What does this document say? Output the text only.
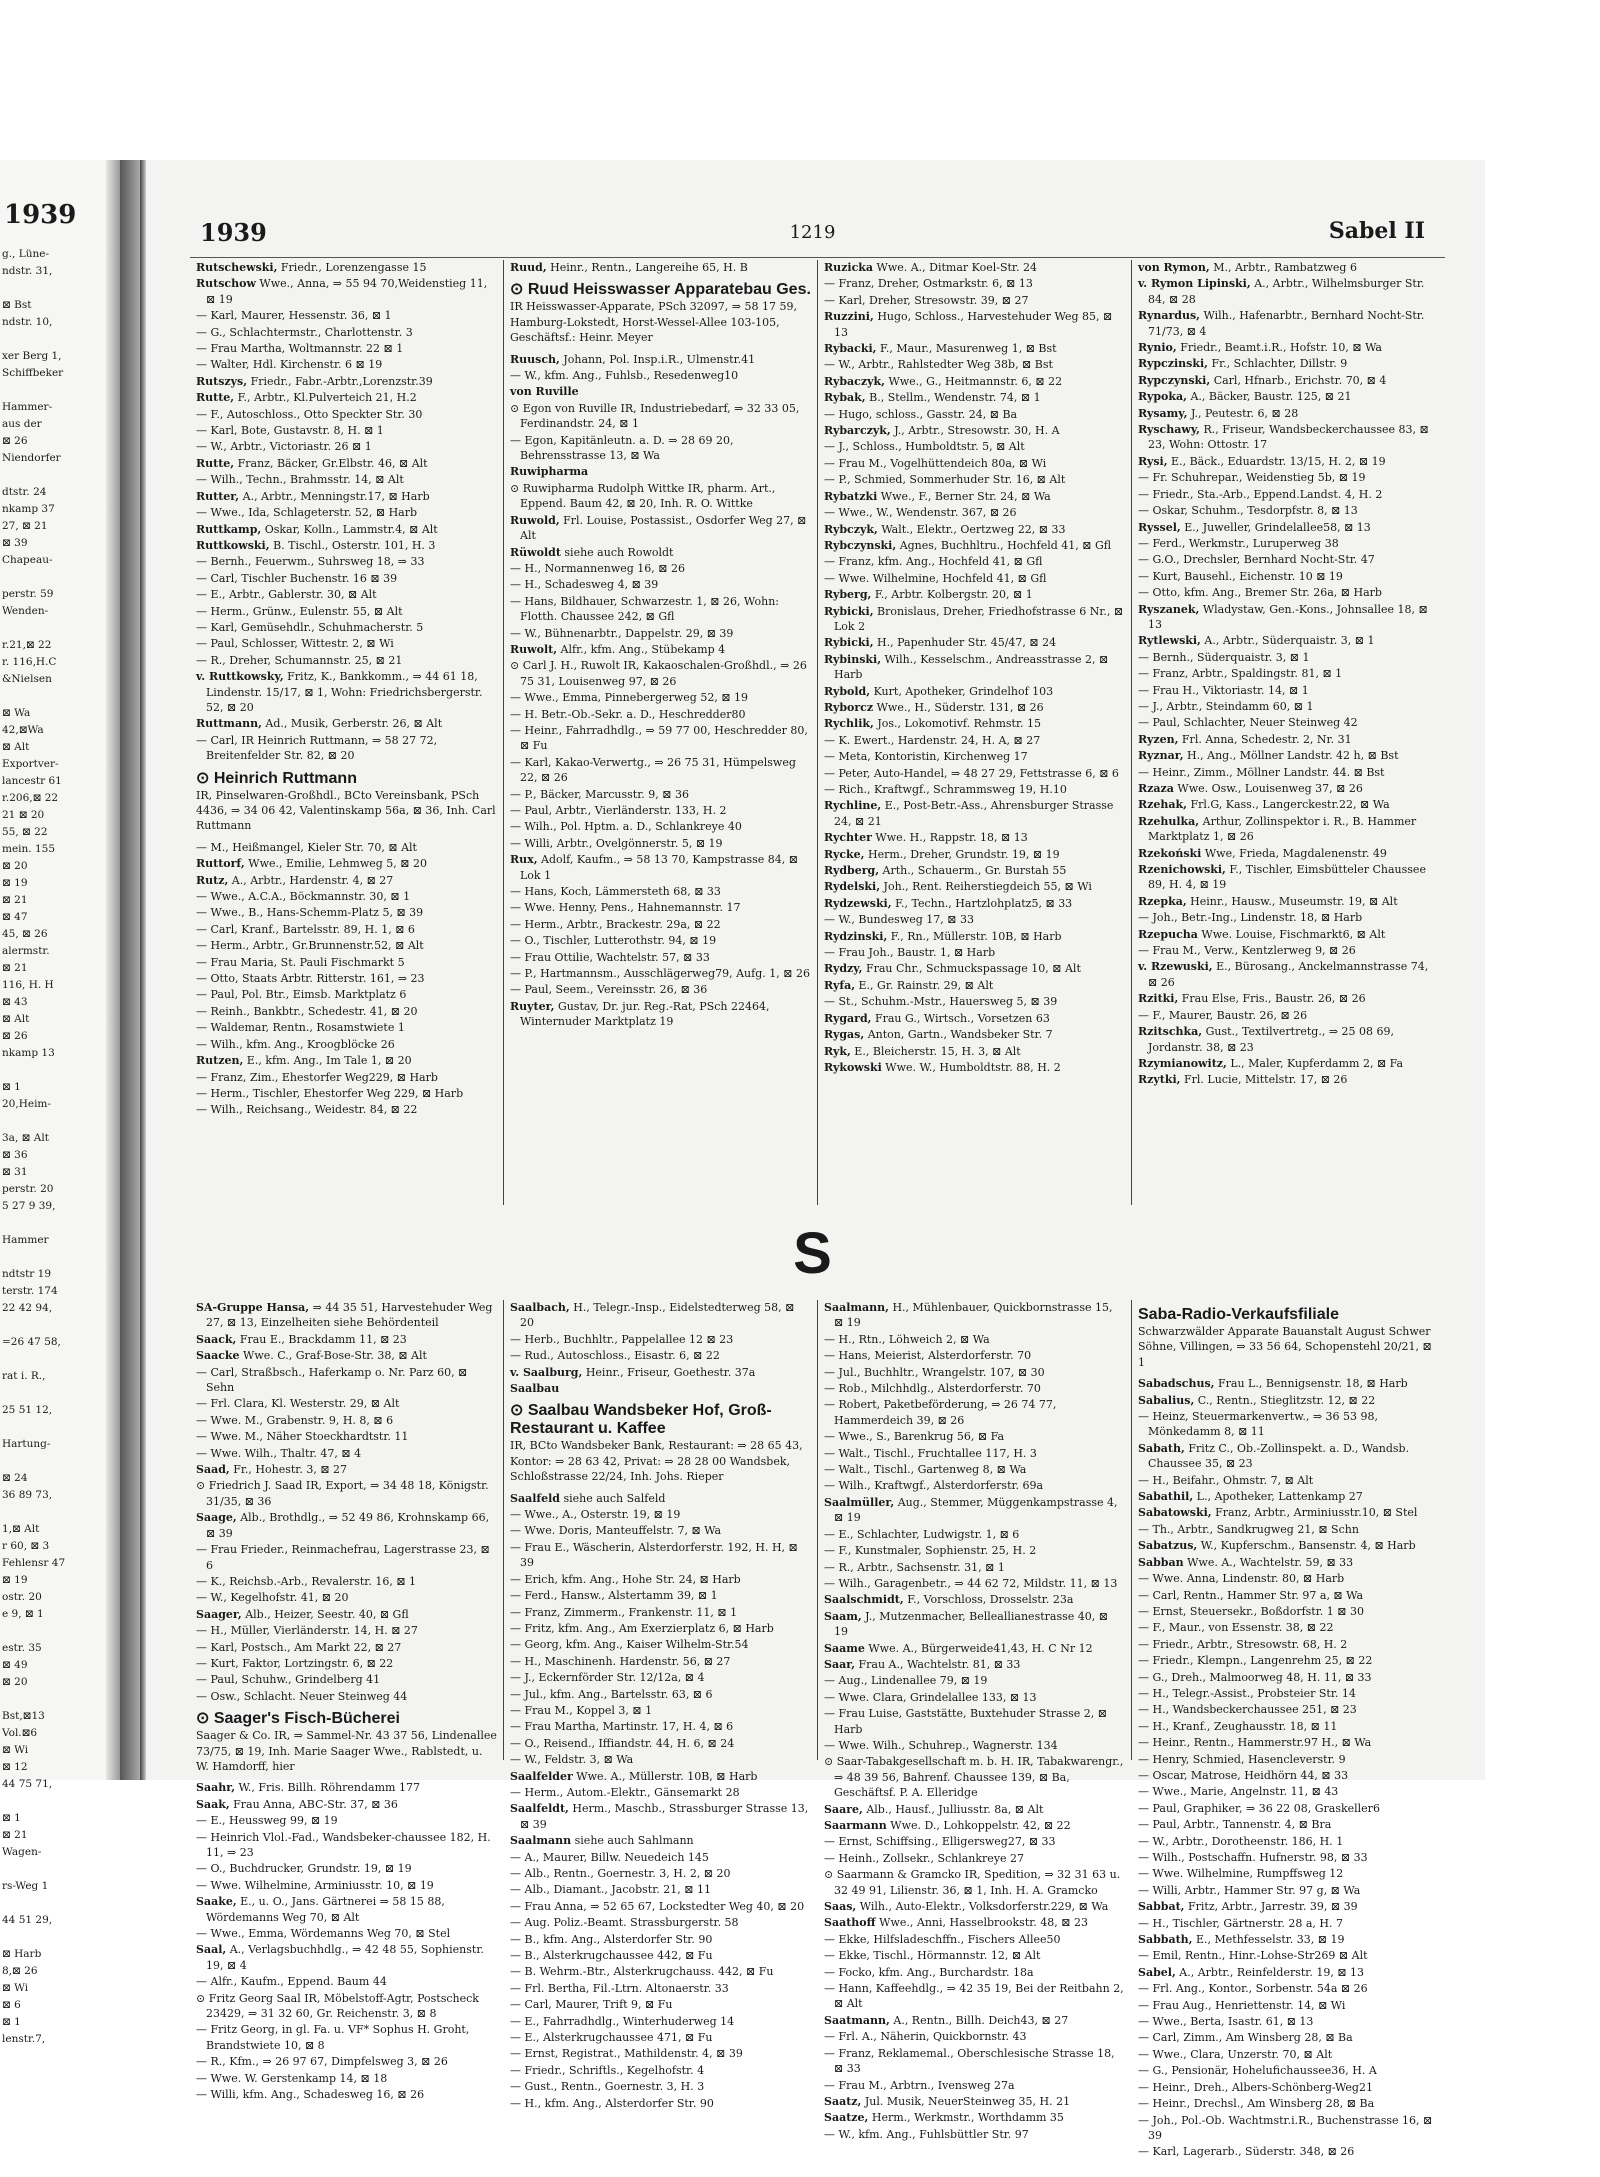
1939
g., Lüne-
ndstr. 31,

⊠ Bst
ndstr. 10,

xer Berg 1,
Schiffbeker

Hammer-
aus der
⊠ 26
Niendorfer

dtstr. 24
nkamp 37
27, ⊠ 21
⊠ 39
Chapeau-

perstr. 59
Wenden-

r.21,⊠ 22
r. 116,H.C
&Nielsen

⊠ Wa
42,⊠Wa
⊠ Alt
Exportver-
lancestr 61
r.206,⊠ 22
21 ⊠ 20
55, ⊠ 22
mein. 155
⊠ 20
⊠ 19
⊠ 21
⊠ 47
45, ⊠ 26
alermstr.
⊠ 21
116, H. H
⊠ 43
⊠ Alt
⊠ 26
nkamp 13

⊠ 1
20,Heim-

3a, ⊠ Alt
⊠ 36
⊠ 31
perstr. 20
5 27 9 39,

Hammer

ndtstr 19
terstr. 174
22 42 94,

=26 47 58,

rat i. R.,

25 51 12,

Hartung-

⊠ 24
36 89 73,

1,⊠ Alt
r 60, ⊠ 3
Fehlensr 47
⊠ 19
ostr. 20
e 9, ⊠ 1

estr. 35
⊠ 49
⊠ 20

Bst,⊠13
Vol.⊠6
⊠ Wi
⊠ 12
44 75 71,

⊠ 1
⊠ 21
Wagen-

rs-Weg 1

44 51 29,

⊠ Harb
8,⊠ 26
⊠ Wi
⊠ 6
⊠ 1
lenstr.7,
1939	1219	Sabel II
Rutschewski, Friedr., Lorenzengasse 15
Rutschow Wwe., Anna, ⇒ 55 94 70,Weidenstieg 11, ⊠ 19
— Karl, Maurer, Hessenstr. 36, ⊠ 1
— G., Schlachtermstr., Charlottenstr. 3
— Frau Martha, Woltmannstr. 22 ⊠ 1
— Walter, Hdl. Kirchenstr. 6 ⊠ 19
Rutszys, Friedr., Fabr.-Arbtr.,Lorenzstr.39
Rutte, F., Arbtr., Kl.Pulverteich 21, H.2
— F., Autoschloss., Otto Speckter Str. 30
— Karl, Bote, Gustavstr. 8, H. ⊠ 1
— W., Arbtr., Victoriastr. 26 ⊠ 1
Rutte, Franz, Bäcker, Gr.Elbstr. 46, ⊠ Alt
— Wilh., Techn., Brahmsstr. 14, ⊠ Alt
Rutter, A., Arbtr., Menningstr.17, ⊠ Harb
— Wwe., Ida, Schlageterstr. 52, ⊠ Harb
Ruttkamp, Oskar, Kolln., Lammstr.4, ⊠ Alt
Ruttkowski, B. Tischl., Osterstr. 101, H. 3
— Bernh., Feuerwm., Suhrsweg 18, ⇒ 33
— Carl, Tischler Buchenstr. 16 ⊠ 39
— E., Arbtr., Gablerstr. 30, ⊠ Alt
— Herm., Grünw., Eulenstr. 55, ⊠ Alt
— Karl, Gemüsehdlr., Schuhmacherstr. 5
— Paul, Schlosser, Wittestr. 2, ⊠ Wi
— R., Dreher, Schumannstr. 25, ⊠ 21
v. Ruttkowsky, Fritz, K., Bankkomm., ⇒ 44 61 18, Lindenstr. 15/17, ⊠ 1, Wohn: Friedrichsbergerstr. 52, ⊠ 20
Ruttmann, Ad., Musik, Gerberstr. 26, ⊠ Alt
— Carl, IR Heinrich Ruttmann, ⇒ 58 27 72, Breitenfelder Str. 82, ⊠ 20
⊙ Heinrich Ruttmann
IR, Pinselwaren-Großhdl., BCto Vereinsbank, PSch 4436, ⇒ 34 06 42, Valentinskamp 56a, ⊠ 36, Inh. Carl Ruttmann
— M., Heißmangel, Kieler Str. 70, ⊠ Alt
Ruttorf, Wwe., Emilie, Lehmweg 5, ⊠ 20
Rutz, A., Arbtr., Hardenstr. 4, ⊠ 27
— Wwe., A.C.A., Böckmannstr. 30, ⊠ 1
— Wwe., B., Hans-Schemm-Platz 5, ⊠ 39
— Carl, Kranf., Bartelsstr. 89, H. 1, ⊠ 6
— Herm., Arbtr., Gr.Brunnenstr.52, ⊠ Alt
— Frau Maria, St. Pauli Fischmarkt 5
— Otto, Staats Arbtr. Ritterstr. 161, ⇒ 23
— Paul, Pol. Btr., Eimsb. Marktplatz 6
— Reinh., Bankbtr., Schedestr. 41, ⊠ 20
— Waldemar, Rentn., Rosamstwiete 1
— Wilh., kfm. Ang., Kroogblöcke 26
Rutzen, E., kfm. Ang., Im Tale 1, ⊠ 20
— Franz, Zim., Ehestorfer Weg229, ⊠ Harb
— Herm., Tischler, Ehestorfer Weg 229, ⊠ Harb
— Wilh., Reichsang., Weidestr. 84, ⊠ 22
Ruud, Heinr., Rentn., Langereihe 65, H. B
⊙ Ruud Heisswasser Apparatebau Ges.
IR Heisswasser-Apparate, PSch 32097, ⇒ 58 17 59, Hamburg-Lokstedt, Horst-Wessel-Allee 103-105, Geschäftsf.: Heinr. Meyer
Ruusch, Johann, Pol. Insp.i.R., Ulmenstr.41
— W., kfm. Ang., Fuhlsb., Resedenweg10
von Ruville
⊙ Egon von Ruville IR, Industriebedarf, ⇒ 32 33 05, Ferdinandstr. 24, ⊠ 1
— Egon, Kapitänleutn. a. D. ⇒ 28 69 20, Behrensstrasse 13, ⊠ Wa
Ruwipharma
⊙ Ruwipharma Rudolph Wittke IR, pharm. Art., Eppend. Baum 42, ⊠ 20, Inh. R. O. Wittke
Ruwold, Frl. Louise, Postassist., Osdorfer Weg 27, ⊠ Alt
Rüwoldt siehe auch Rowoldt
— H., Normannenweg 16, ⊠ 26
— H., Schadesweg 4, ⊠ 39
— Hans, Bildhauer, Schwarzestr. 1, ⊠ 26, Wohn: Flotth. Chaussee 242, ⊠ Gfl
— W., Bühnenarbtr., Dappelstr. 29, ⊠ 39
Ruwolt, Alfr., kfm. Ang., Stübekamp 4
⊙ Carl J. H., Ruwolt IR, Kakaoschalen-Großhdl., ⇒ 26 75 31, Louisenweg 97, ⊠ 26
— Wwe., Emma, Pinnebergerweg 52, ⊠ 19
— H. Betr.-Ob.-Sekr. a. D., Heschredder80
— Heinr., Fahrradhdlg., ⇒ 59 77 00, Heschredder 80, ⊠ Fu
— Karl, Kakao-Verwertg., ⇒ 26 75 31, Hümpelsweg 22, ⊠ 26
— P., Bäcker, Marcusstr. 9, ⊠ 36
— Paul, Arbtr., Vierländerstr. 133, H. 2
— Wilh., Pol. Hptm. a. D., Schlankreye 40
— Willi, Arbtr., Ovelgönnerstr. 5, ⊠ 19
Rux, Adolf, Kaufm., ⇒ 58 13 70, Kampstrasse 84, ⊠ Lok 1
— Hans, Koch, Lämmersteth 68, ⊠ 33
— Wwe. Henny, Pens., Hahnemannstr. 17
— Herm., Arbtr., Brackestr. 29a, ⊠ 22
— O., Tischler, Lutterothstr. 94, ⊠ 19
— Frau Ottilie, Wachtelstr. 57, ⊠ 33
— P., Hartmannsm., Ausschlägerweg79, Aufg. 1, ⊠ 26
— Paul, Seem., Vereinsstr. 26, ⊠ 36
Ruyter, Gustav, Dr. jur. Reg.-Rat, PSch 22464, Winternuder Marktplatz 19
Ruzicka Wwe. A., Ditmar Koel-Str. 24
— Franz, Dreher, Ostmarkstr. 6, ⊠ 13
— Karl, Dreher, Stresowstr. 39, ⊠ 27
Ruzzini, Hugo, Schloss., Harvestehuder Weg 85, ⊠ 13
Rybacki, F., Maur., Masurenweg 1, ⊠ Bst
— W., Arbtr., Rahlstedter Weg 38b, ⊠ Bst
Rybaczyk, Wwe., G., Heitmannstr. 6, ⊠ 22
Rybak, B., Stellm., Wendenstr. 74, ⊠ 1
— Hugo, schloss., Gasstr. 24, ⊠ Ba
Rybarczyk, J., Arbtr., Stresowstr. 30, H. A
— J., Schloss., Humboldtstr. 5, ⊠ Alt
— Frau M., Vogelhüttendeich 80a, ⊠ Wi
— P., Schmied, Sommerhuder Str. 16, ⊠ Alt
Rybatzki Wwe., F., Berner Str. 24, ⊠ Wa
— Wwe., W., Wendenstr. 367, ⊠ 26
Rybczyk, Walt., Elektr., Oertzweg 22, ⊠ 33
Rybczynski, Agnes, Buchhltru., Hochfeld 41, ⊠ Gfl
— Franz, kfm. Ang., Hochfeld 41, ⊠ Gfl
— Wwe. Wilhelmine, Hochfeld 41, ⊠ Gfl
Ryberg, F., Arbtr. Kolbergstr. 20, ⊠ 1
Rybicki, Bronislaus, Dreher, Friedhofstrasse 6 Nr., ⊠ Lok 2
Rybicki, H., Papenhuder Str. 45/47, ⊠ 24
Rybinski, Wilh., Kesselschm., Andreasstrasse 2, ⊠ Harb
Rybold, Kurt, Apotheker, Grindelhof 103
Ryborcz Wwe., H., Süderstr. 131, ⊠ 26
Rychlik, Jos., Lokomotivf. Rehmstr. 15
— K. Ewert., Hardenstr. 24, H. A, ⊠ 27
— Meta, Kontoristin, Kirchenweg 17
— Peter, Auto-Handel, ⇒ 48 27 29, Fettstrasse 6, ⊠ 6
— Rich., Kraftwgf., Schrammsweg 19, H.10
Rychline, E., Post-Betr.-Ass., Ahrensburger Strasse 24, ⊠ 21
Rychter Wwe. H., Rappstr. 18, ⊠ 13
Rycke, Herm., Dreher, Grundstr. 19, ⊠ 19
Rydberg, Arth., Schauerm., Gr. Burstah 55
Rydelski, Joh., Rent. Reiherstiegdeich 55, ⊠ Wi
Rydzewski, F., Techn., Hartzlohplatz5, ⊠ 33
— W., Bundesweg 17, ⊠ 33
Rydzinski, F., Rn., Müllerstr. 10B, ⊠ Harb
— Frau Joh., Baustr. 1, ⊠ Harb
Rydzy, Frau Chr., Schmuckspassage 10, ⊠ Alt
Ryfa, E., Gr. Rainstr. 29, ⊠ Alt
— St., Schuhm.-Mstr., Hauersweg 5, ⊠ 39
Rygard, Frau G., Wirtsch., Vorsetzen 63
Rygas, Anton, Gartn., Wandsbeker Str. 7
Ryk, E., Bleicherstr. 15, H. 3, ⊠ Alt
Rykowski Wwe. W., Humboldtstr. 88, H. 2
von Rymon, M., Arbtr., Rambatzweg 6
v. Rymon Lipinski, A., Arbtr., Wilhelmsburger Str. 84, ⊠ 28
Rynardus, Wilh., Hafenarbtr., Bernhard Nocht-Str. 71/73, ⊠ 4
Rynio, Friedr., Beamt.i.R., Hofstr. 10, ⊠ Wa
Rypczinski, Fr., Schlachter, Dillstr. 9
Rypczynski, Carl, Hfnarb., Erichstr. 70, ⊠ 4
Rypoka, A., Bäcker, Baustr. 125, ⊠ 21
Rysamy, J., Peutestr. 6, ⊠ 28
Ryschawy, R., Friseur, Wandsbeckerchaussee 83, ⊠ 23, Wohn: Ottostr. 17
Rysi, E., Bäck., Eduardstr. 13/15, H. 2, ⊠ 19
— Fr. Schuhrepar., Weidenstieg 5b, ⊠ 19
— Friedr., Sta.-Arb., Eppend.Landst. 4, H. 2
— Oskar, Schuhm., Tesdorpfstr. 8, ⊠ 13
Ryssel, E., Juweller, Grindelallee58, ⊠ 13
— Ferd., Werkmstr., Luruperweg 38
— G.O., Drechsler, Bernhard Nocht-Str. 47
— Kurt, Bausehl., Eichenstr. 10 ⊠ 19
— Otto, kfm. Ang., Bremer Str. 26a, ⊠ Harb
Ryszanek, Wladystaw, Gen.-Kons., Johnsallee 18, ⊠ 13
Rytlewski, A., Arbtr., Süderquaistr. 3, ⊠ 1
— Bernh., Süderquaistr. 3, ⊠ 1
— Franz, Arbtr., Spaldingstr. 81, ⊠ 1
— Frau H., Viktoriastr. 14, ⊠ 1
— J., Arbtr., Steindamm 60, ⊠ 1
— Paul, Schlachter, Neuer Steinweg 42
Ryzen, Frl. Anna, Schedestr. 2, Nr. 31
Ryznar, H., Ang., Möllner Landstr. 42 h, ⊠ Bst
— Heinr., Zimm., Möllner Landstr. 44. ⊠ Bst
Rzaza Wwe. Osw., Louisenweg 37, ⊠ 26
Rzehak, Frl.G, Kass., Langerckestr.22, ⊠ Wa
Rzehulka, Arthur, Zollinspektor i. R., B. Hammer Marktplatz 1, ⊠ 26
Rzekoński Wwe, Frieda, Magdalenenstr. 49
Rzenichowski, F., Tischler, Eimsbütteler Chaussee 89, H. 4, ⊠ 19
Rzepka, Heinr., Hausw., Museumstr. 19, ⊠ Alt
— Joh., Betr.-Ing., Lindenstr. 18, ⊠ Harb
Rzepucha Wwe. Louise, Fischmarkt6, ⊠ Alt
— Frau M., Verw., Kentzlerweg 9, ⊠ 26
v. Rzewuski, E., Bürosang., Anckelmannstrasse 74, ⊠ 26
Rzitki, Frau Else, Fris., Baustr. 26, ⊠ 26
— F., Maurer, Baustr. 26, ⊠ 26
Rzitschka, Gust., Textilvertretg., ⇒ 25 08 69, Jordanstr. 38, ⊠ 23
Rzymianowitz, L., Maler, Kupferdamm 2, ⊠ Fa
Rzytki, Frl. Lucie, Mittelstr. 17, ⊠ 26
S
SA-Gruppe Hansa, ⇒ 44 35 51, Harvestehuder Weg 27, ⊠ 13, Einzelheiten siehe Behördenteil
Saack, Frau E., Brackdamm 11, ⊠ 23
Saacke Wwe. C., Graf-Bose-Str. 38, ⊠ Alt
— Carl, Straßbsch., Haferkamp o. Nr. Parz 60, ⊠ Sehn
— Frl. Clara, Kl. Westerstr. 29, ⊠ Alt
— Wwe. M., Grabenstr. 9, H. 8, ⊠ 6
— Wwe. M., Näher Stoeckhardtstr. 11
— Wwe. Wilh., Thaltr. 47, ⊠ 4
Saad, Fr., Hohestr. 3, ⊠ 27
⊙ Friedrich J. Saad IR, Export, ⇒ 34 48 18, Königstr. 31/35, ⊠ 36
Saage, Alb., Brothdlg., ⇒ 52 49 86, Krohnskamp 66, ⊠ 39
— Frau Frieder., Reinmachefrau, Lagerstrasse 23, ⊠ 6
— K., Reichsb.-Arb., Revalerstr. 16, ⊠ 1
— W., Kegelhofstr. 41, ⊠ 20
Saager, Alb., Heizer, Seestr. 40, ⊠ Gfl
— H., Müller, Vierländerstr. 14, H. ⊠ 27
— Karl, Postsch., Am Markt 22, ⊠ 27
— Kurt, Faktor, Lortzingstr. 6, ⊠ 22
— Paul, Schuhw., Grindelberg 41
— Osw., Schlacht. Neuer Steinweg 44
⊙ Saager's Fisch-Bücherei
Saager & Co. IR, ⇒ Sammel-Nr. 43 37 56, Lindenallee 73/75, ⊠ 19, Inh. Marie Saager Wwe., Rablstedt, u. W. Hamdorff, hier
Saahr, W., Fris. Billh. Röhrendamm 177
Saak, Frau Anna, ABC-Str. 37, ⊠ 36
— E., Heussweg 99, ⊠ 19
— Heinrich Vlol.-Fad., Wandsbeker-chaussee 182, H. 11, ⇒ 23
— O., Buchdrucker, Grundstr. 19, ⊠ 19
— Wwe. Wilhelmine, Arminiusstr. 10, ⊠ 19
Saake, E., u. O., Jans. Gärtnerei ⇒ 58 15 88, Wördemanns Weg 70, ⊠ Alt
— Wwe., Emma, Wördemanns Weg 70, ⊠ Stel
Saal, A., Verlagsbuchhdlg., ⇒ 42 48 55, Sophienstr. 19, ⊠ 4
— Alfr., Kaufm., Eppend. Baum 44
⊙ Fritz Georg Saal IR, Möbelstoff-Agtr, Postscheck 23429, ⇒ 31 32 60, Gr. Reichenstr. 3, ⊠ 8
— Fritz Georg, in gl. Fa. u. VF* Sophus H. Groht, Brandstwiete 10, ⊠ 8
— R., Kfm., ⇒ 26 97 67, Dimpfelsweg 3, ⊠ 26
— Wwe. W. Gerstenkamp 14, ⊠ 18
— Willi, kfm. Ang., Schadesweg 16, ⊠ 26
Saalbach, H., Telegr.-Insp., Eidelstedterweg 58, ⊠ 20
— Herb., Buchhltr., Pappelallee 12 ⊠ 23
— Rud., Autoschloss., Eisastr. 6, ⊠ 22
v. Saalburg, Heinr., Friseur, Goethestr. 37a
Saalbau
⊙ Saalbau Wandsbeker Hof, Groß-Restaurant u. Kaffee
IR, BCto Wandsbeker Bank, Restaurant: ⇒ 28 65 43, Kontor: ⇒ 28 63 42, Privat: ⇒ 28 28 00 Wandsbek, Schloßstrasse 22/24, Inh. Johs. Rieper
Saalfeld siehe auch Salfeld
— Wwe., A., Osterstr. 19, ⊠ 19
— Wwe. Doris, Manteuffelstr. 7, ⊠ Wa
— Frau E., Wäscherin, Alsterdorferstr. 192, H. H, ⊠ 39
— Erich, kfm. Ang., Hohe Str. 24, ⊠ Harb
— Ferd., Hansw., Alstertamm 39, ⊠ 1
— Franz, Zimmerm., Frankenstr. 11, ⊠ 1
— Fritz, kfm. Ang., Am Exerzierplatz 6, ⊠ Harb
— Georg, kfm. Ang., Kaiser Wilhelm-Str.54
— H., Maschinenh. Hardenstr. 56, ⊠ 27
— J., Eckernförder Str. 12/12a, ⊠ 4
— Jul., kfm. Ang., Bartelsstr. 63, ⊠ 6
— Frau M., Koppel 3, ⊠ 1
— Frau Martha, Martinstr. 17, H. 4, ⊠ 6
— O., Reisend., Iffiandstr. 44, H. 6, ⊠ 24
— W., Feldstr. 3, ⊠ Wa
Saalfelder Wwe. A., Müllerstr. 10B, ⊠ Harb
— Herm., Autom.-Elektr., Gänsemarkt 28
Saalfeldt, Herm., Maschb., Strassburger Strasse 13, ⊠ 39
Saalmann siehe auch Sahlmann
— A., Maurer, Billw. Neuedeich 145
— Alb., Rentn., Goernestr. 3, H. 2, ⊠ 20
— Alb., Diamant., Jacobstr. 21, ⊠ 11
— Frau Anna, ⇒ 52 65 67, Lockstedter Weg 40, ⊠ 20
— Aug. Poliz.-Beamt. Strassburgerstr. 58
— B., kfm. Ang., Alsterdorfer Str. 90
— B., Alsterkrugchaussee 442, ⊠ Fu
— B. Wehrm.-Btr., Alsterkrugchauss. 442, ⊠ Fu
— Frl. Bertha, Fil.-Ltrn. Altonaerstr. 33
— Carl, Maurer, Trift 9, ⊠ Fu
— E., Fahrradhdlg., Winterhuderweg 14
— E., Alsterkrugchaussee 471, ⊠ Fu
— Ernst, Registrat., Mathildenstr. 4, ⊠ 39
— Friedr., Schriftls., Kegelhofstr. 4
— Gust., Rentn., Goernestr. 3, H. 3
— H., kfm. Ang., Alsterdorfer Str. 90
Saalmann, H., Mühlenbauer, Quickbornstrasse 15, ⊠ 19
— H., Rtn., Löhweich 2, ⊠ Wa
— Hans, Meierist, Alsterdorferstr. 70
— Jul., Buchhltr., Wrangelstr. 107, ⊠ 30
— Rob., Milchhdlg., Alsterdorferstr. 70
— Robert, Paketbeförderung, ⇒ 26 74 77, Hammerdeich 39, ⊠ 26
— Wwe., S., Barenkrug 56, ⊠ Fa
— Walt., Tischl., Fruchtallee 117, H. 3
— Walt., Tischl., Gartenweg 8, ⊠ Wa
— Wilh., Kraftwgf., Alsterdorferstr. 69a
Saalmüller, Aug., Stemmer, Müggenkampstrasse 4, ⊠ 19
— E., Schlachter, Ludwigstr. 1, ⊠ 6
— F., Kunstmaler, Sophienstr. 25, H. 2
— R., Arbtr., Sachsenstr. 31, ⊠ 1
— Wilh., Garagenbetr., ⇒ 44 62 72, Mildstr. 11, ⊠ 13
Saalschmidt, F., Vorschloss, Drosselstr. 23a
Saam, J., Mutzenmacher, Belleallianestrasse 40, ⊠ 19
Saame Wwe. A., Bürgerweide41,43, H. C Nr 12
Saar, Frau A., Wachtelstr. 81, ⊠ 33
— Aug., Lindenallee 79, ⊠ 19
— Wwe. Clara, Grindelallee 133, ⊠ 13
— Frau Luise, Gaststätte, Buxtehuder Strasse 2, ⊠ Harb
— Wwe. Wilh., Schuhrep., Wagnerstr. 134
⊙ Saar-Tabakgesellschaft m. b. H. IR, Tabakwarengr., ⇒ 48 39 56, Bahrenf. Chaussee 139, ⊠ Ba, Geschäftsf. P. A. Elleridge
Saare, Alb., Hausf., Julliusstr. 8a, ⊠ Alt
Saarmann Wwe. D., Lohkoppelstr. 42, ⊠ 22
— Ernst, Schiffsing., Elligersweg27, ⊠ 33
— Heinh., Zollsekr., Schlankreye 27
⊙ Saarmann & Gramcko IR, Spedition, ⇒ 32 31 63 u. 32 49 91, Lilienstr. 36, ⊠ 1, Inh. H. A. Gramcko
Saas, Wilh., Auto-Elektr., Volksdorferstr.229, ⊠ Wa
Saathoff Wwe., Anni, Hasselbrookstr. 48, ⊠ 23
— Ekke, Hilfsladeschffn., Fischers Allee50
— Ekke, Tischl., Hörmannstr. 12, ⊠ Alt
— Focko, kfm. Ang., Burchardstr. 18a
— Hann, Kaffeehdlg., ⇒ 42 35 19, Bei der Reitbahn 2, ⊠ Alt
Saatmann, A., Rentn., Billh. Deich43, ⊠ 27
— Frl. A., Näherin, Quickbornstr. 43
— Franz, Reklamemal., Oberschlesische Strasse 18, ⊠ 33
— Frau M., Arbtrn., Ivensweg 27a
Saatz, Jul. Musik, NeuerSteinweg 35, H. 21
Saatze, Herm., Werkmstr., Worthdamm 35
— W., kfm. Ang., Fuhlsbüttler Str. 97
Saba-Radio-Verkaufsfiliale
Schwarzwälder Apparate Bauanstalt August Schwer Söhne, Villingen, ⇒ 33 56 64, Schopenstehl 20/21, ⊠ 1
Sabadschus, Frau L., Bennigsenstr. 18, ⊠ Harb
Sabalius, C., Rentn., Stieglitzstr. 12, ⊠ 22
— Heinz, Steuermarkenvertw., ⇒ 36 53 98, Mönkedamm 8, ⊠ 11
Sabath, Fritz C., Ob.-Zollinspekt. a. D., Wandsb. Chaussee 35, ⊠ 23
— H., Beifahr., Ohmstr. 7, ⊠ Alt
Sabathil, L., Apotheker, Lattenkamp 27
Sabatowski, Franz, Arbtr., Arminiusstr.10, ⊠ Stel
— Th., Arbtr., Sandkrugweg 21, ⊠ Schn
Sabatzus, W., Kupferschm., Bansenstr. 4, ⊠ Harb
Sabban Wwe. A., Wachtelstr. 59, ⊠ 33
— Wwe. Anna, Lindenstr. 80, ⊠ Harb
— Carl, Rentn., Hammer Str. 97 a, ⊠ Wa
— Ernst, Steuersekr., Boßdorfstr. 1 ⊠ 30
— F., Maur., von Essenstr. 38, ⊠ 22
— Friedr., Arbtr., Stresowstr. 68, H. 2
— Friedr., Klempn., Langenrehm 25, ⊠ 22
— G., Dreh., Malmoorweg 48, H. 11, ⊠ 33
— H., Telegr.-Assist., Probsteier Str. 14
— H., Wandsbeckerchaussee 251, ⊠ 23
— H., Kranf., Zeughausstr. 18, ⊠ 11
— Heinr., Rentn., Hammerstr.97 H., ⊠ Wa
— Henry, Schmied, Hasencleverstr. 9
— Oscar, Matrose, Heidhörn 44, ⊠ 33
— Wwe., Marie, Angelnstr. 11, ⊠ 43
— Paul, Graphiker, ⇒ 36 22 08, Graskeller6
— Paul, Arbtr., Tannenstr. 4, ⊠ Bra
— W., Arbtr., Dorotheenstr. 186, H. 1
— Wilh., Postschaffn. Hufnerstr. 98, ⊠ 33
— Wwe. Wilhelmine, Rumpffsweg 12
— Willi, Arbtr., Hammer Str. 97 g, ⊠ Wa
Sabbat, Fritz, Arbtr., Jarrestr. 39, ⊠ 39
— H., Tischler, Gärtnerstr. 28 a, H. 7
Sabbath, E., Methfesselstr. 33, ⊠ 19
— Emil, Rentn., Hinr.-Lohse-Str269 ⊠ Alt
Sabel, A., Arbtr., Reinfelderstr. 19, ⊠ 13
— Frl. Ang., Kontor., Sorbenstr. 54a ⊠ 26
— Frau Aug., Henriettenstr. 14, ⊠ Wi
— Wwe., Berta, Isastr. 61, ⊠ 13
— Carl, Zimm., Am Winsberg 28, ⊠ Ba
— Wwe., Clara, Unzerstr. 70, ⊠ Alt
— G., Pensionär, Hohelufichaussee36, H. A
— Heinr., Dreh., Albers-Schönberg-Weg21
— Heinr., Drechsl., Am Winsberg 28, ⊠ Ba
— Joh., Pol.-Ob. Wachtmstr.i.R., Buchenstrasse 16, ⊠ 39
— Karl, Lagerarb., Süderstr. 348, ⊠ 26
